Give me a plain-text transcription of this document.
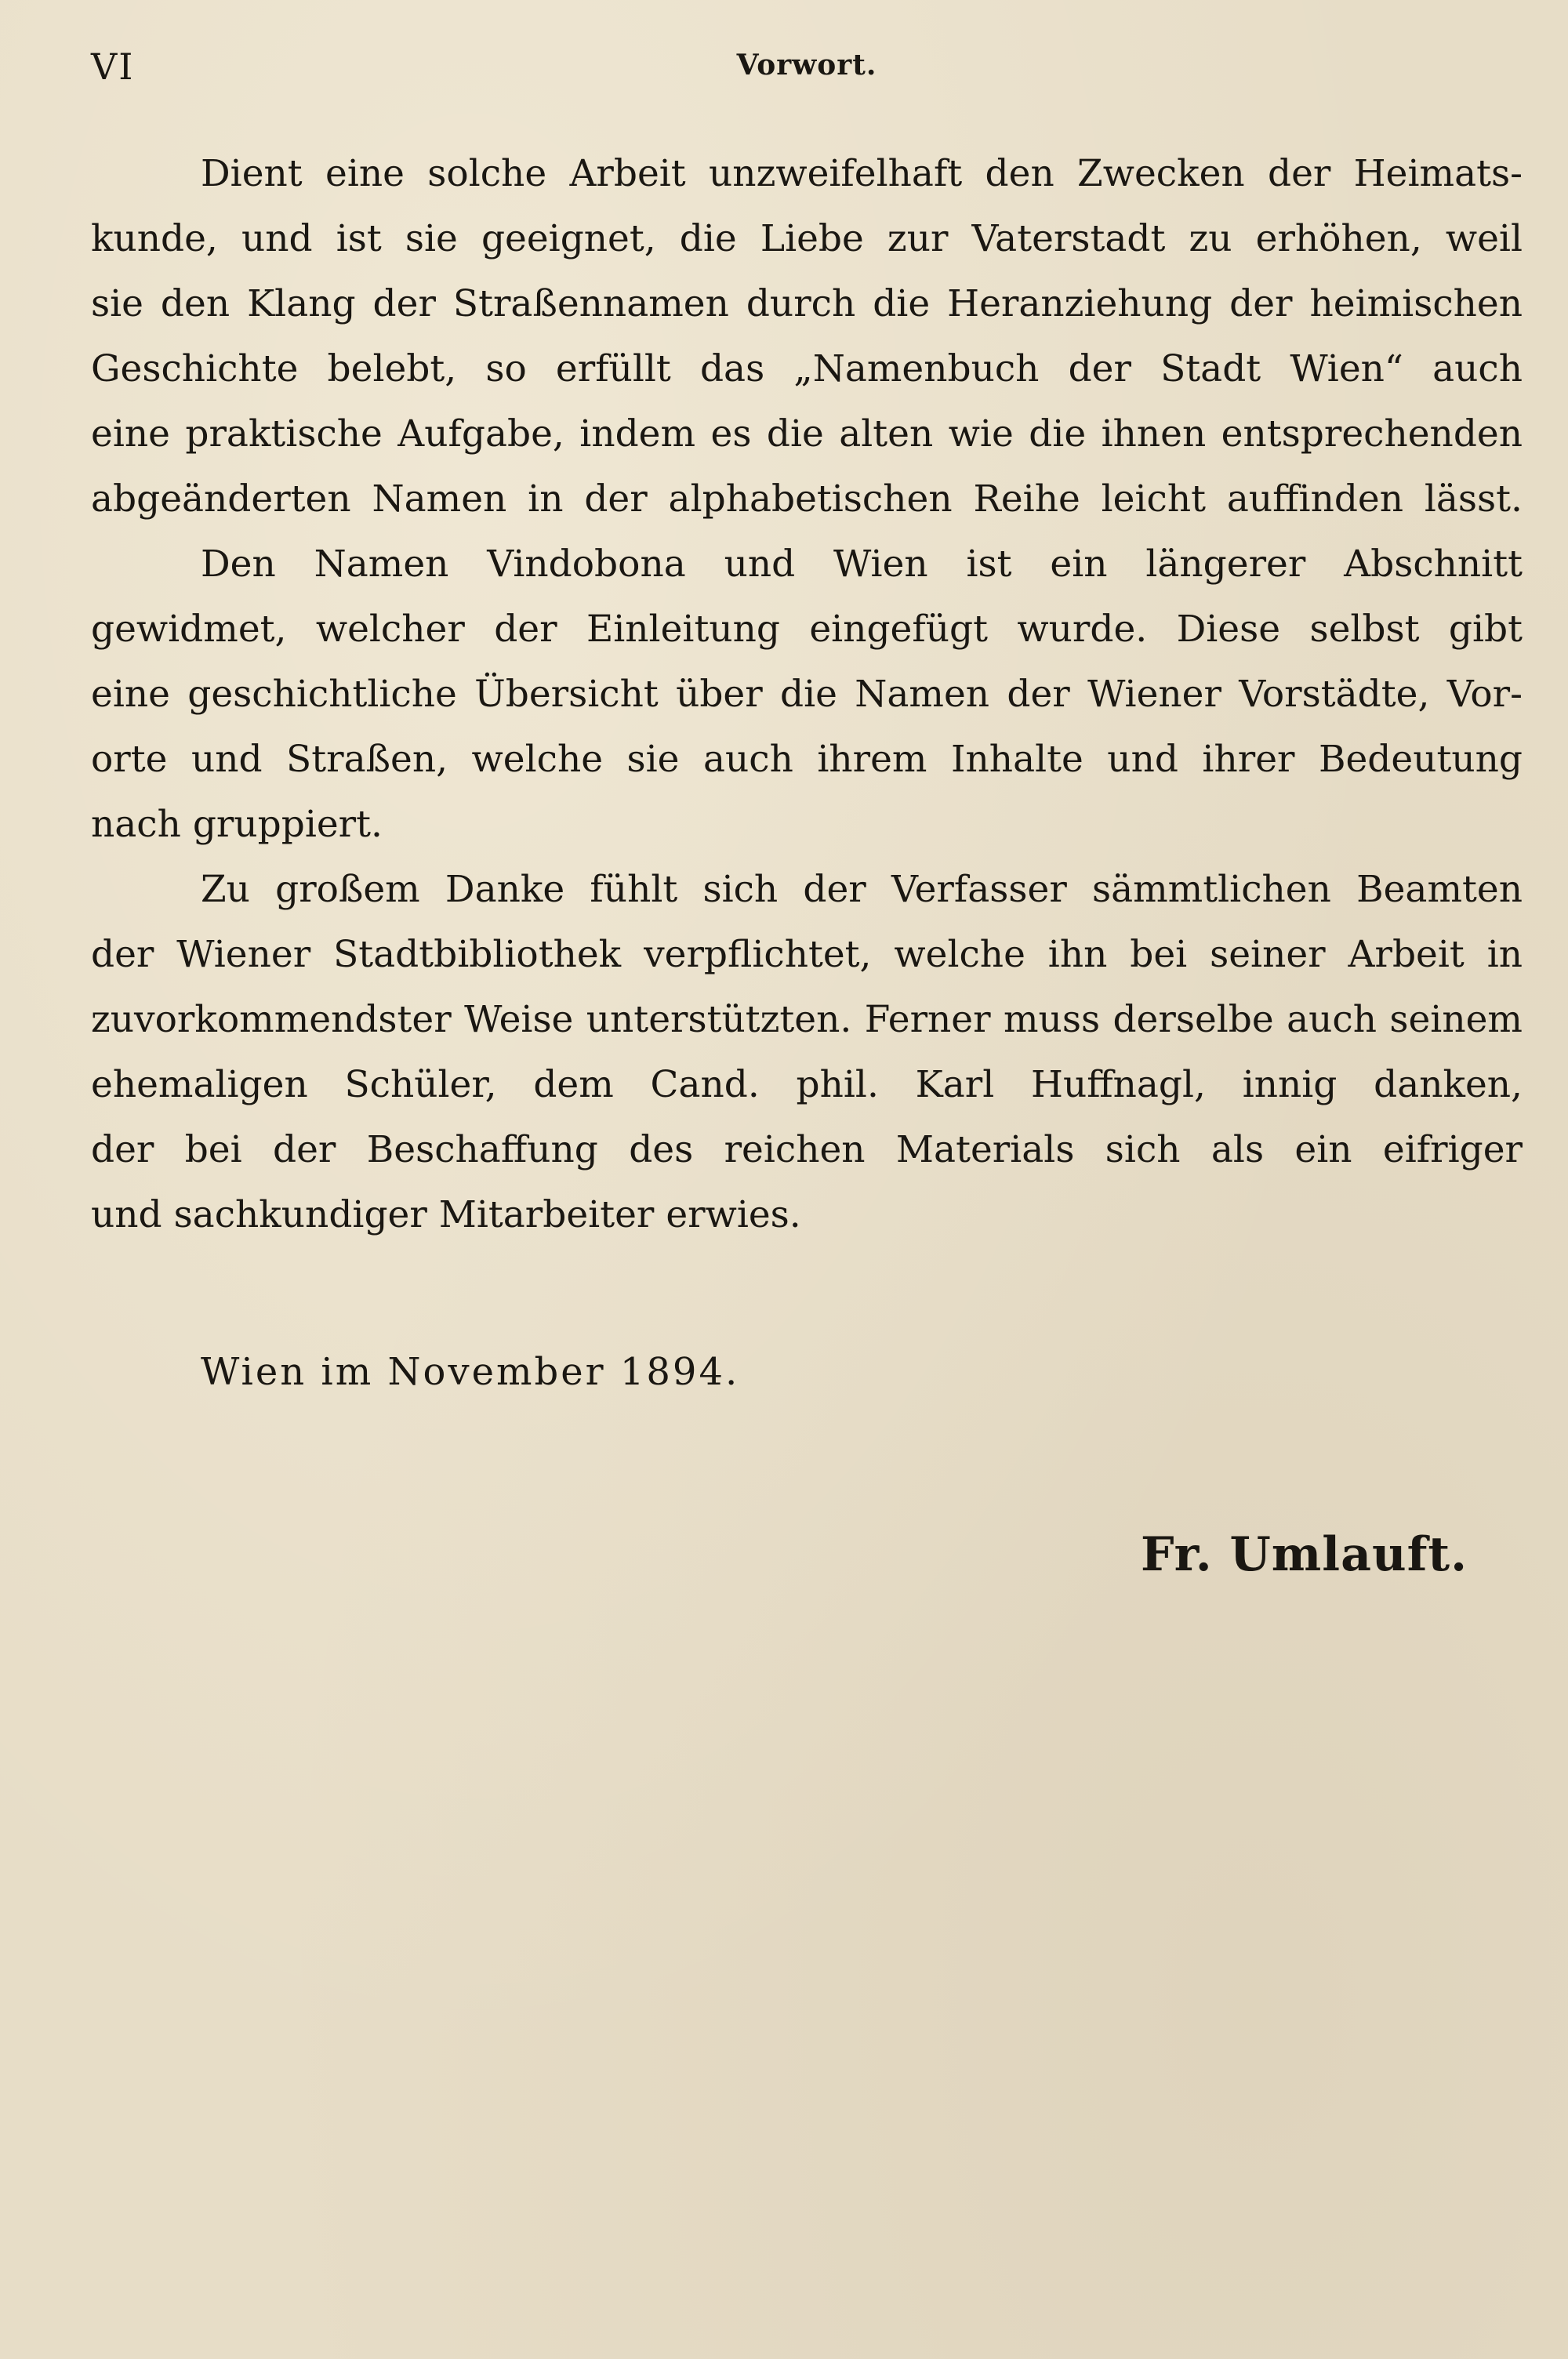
VI	Vorwort.

Dient eine solche Arbeit unzweifelhaft den Zwecken der Heimats-
kunde, und ist sie geeignet, die Liebe zur Vaterstadt zu erhöhen, weil
sie den Klang der Straßennamen durch die Heranziehung der heimischen
Geschichte belebt, so erfüllt das „Namenbuch der Stadt Wien“ auch
eine praktische Aufgabe, indem es die alten wie die ihnen entsprechenden
abgeänderten Namen in der alphabetischen Reihe leicht auffinden lässt.

Den Namen Vindobona und Wien ist ein längerer Abschnitt
gewidmet, welcher der Einleitung eingefügt wurde. Diese selbst gibt
eine geschichtliche Übersicht über die Namen der Wiener Vorstädte, Vor-
orte und Straßen, welche sie auch ihrem Inhalte und ihrer Bedeutung
nach gruppiert.

Zu großem Danke fühlt sich der Verfasser sämmtlichen Beamten
der Wiener Stadtbibliothek verpflichtet, welche ihn bei seiner Arbeit in
zuvorkommendster Weise unterstützten. Ferner muss derselbe auch seinem
ehemaligen Schüler, dem Cand. phil. Karl Huffnagl, innig danken,
der bei der Beschaffung des reichen Materials sich als ein eifriger
und sachkundiger Mitarbeiter erwies.

Wien im November 1894.
Fr. Umlauft.
